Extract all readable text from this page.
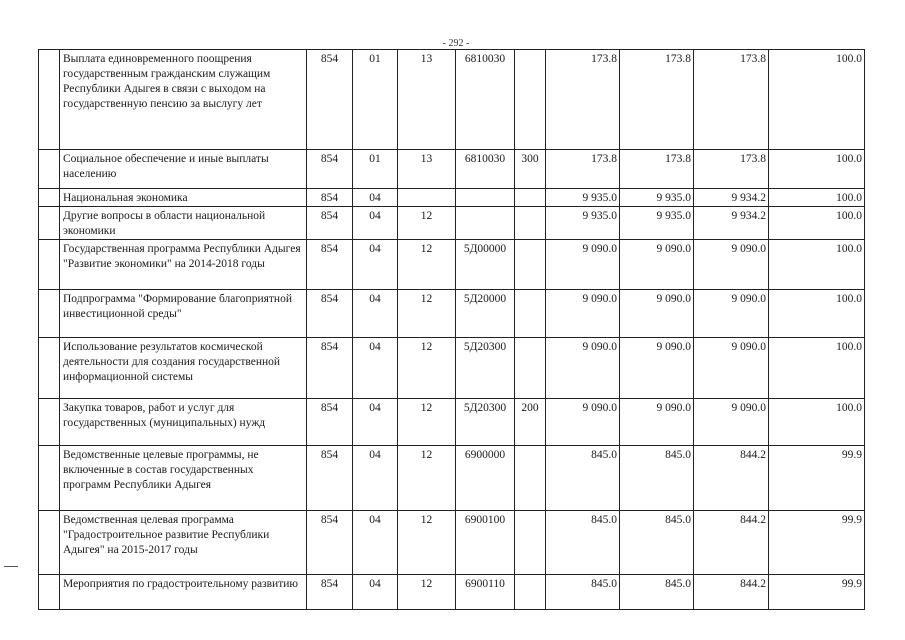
- 292 -
	Выплата единовременного поощрения государственным гражданским служащим Республики Адыгея в связи с выходом на государственную пенсию за выслугу лет	854	01	13	6810030		173.8	173.8	173.8	100.0
	Социальное обеспечение и иные выплаты населению	854	01	13	6810030	300	173.8	173.8	173.8	100.0
	Национальная экономика	854	04				9 935.0	9 935.0	9 934.2	100.0
	Другие вопросы в области национальной экономики	854	04	12			9 935.0	9 935.0	9 934.2	100.0
	Государственная программа Республики Адыгея "Развитие экономики" на 2014-2018 годы	854	04	12	5Д00000		9 090.0	9 090.0	9 090.0	100.0
	Подпрограмма "Формирование благоприятной инвестиционной среды"	854	04	12	5Д20000		9 090.0	9 090.0	9 090.0	100.0
	Использование результатов космической деятельности для создания государственной информационной системы	854	04	12	5Д20300		9 090.0	9 090.0	9 090.0	100.0
	Закупка товаров, работ и услуг для государственных (муниципальных) нужд	854	04	12	5Д20300	200	9 090.0	9 090.0	9 090.0	100.0
	Ведомственные целевые программы, не включенные в состав государственных программ Республики Адыгея	854	04	12	6900000		845.0	845.0	844.2	99.9
	Ведомственная целевая программа "Градостроительное развитие Республики Адыгея" на 2015-2017 годы	854	04	12	6900100		845.0	845.0	844.2	99.9
	Мероприятия по градостроительному развитию	854	04	12	6900110		845.0	845.0	844.2	99.9
